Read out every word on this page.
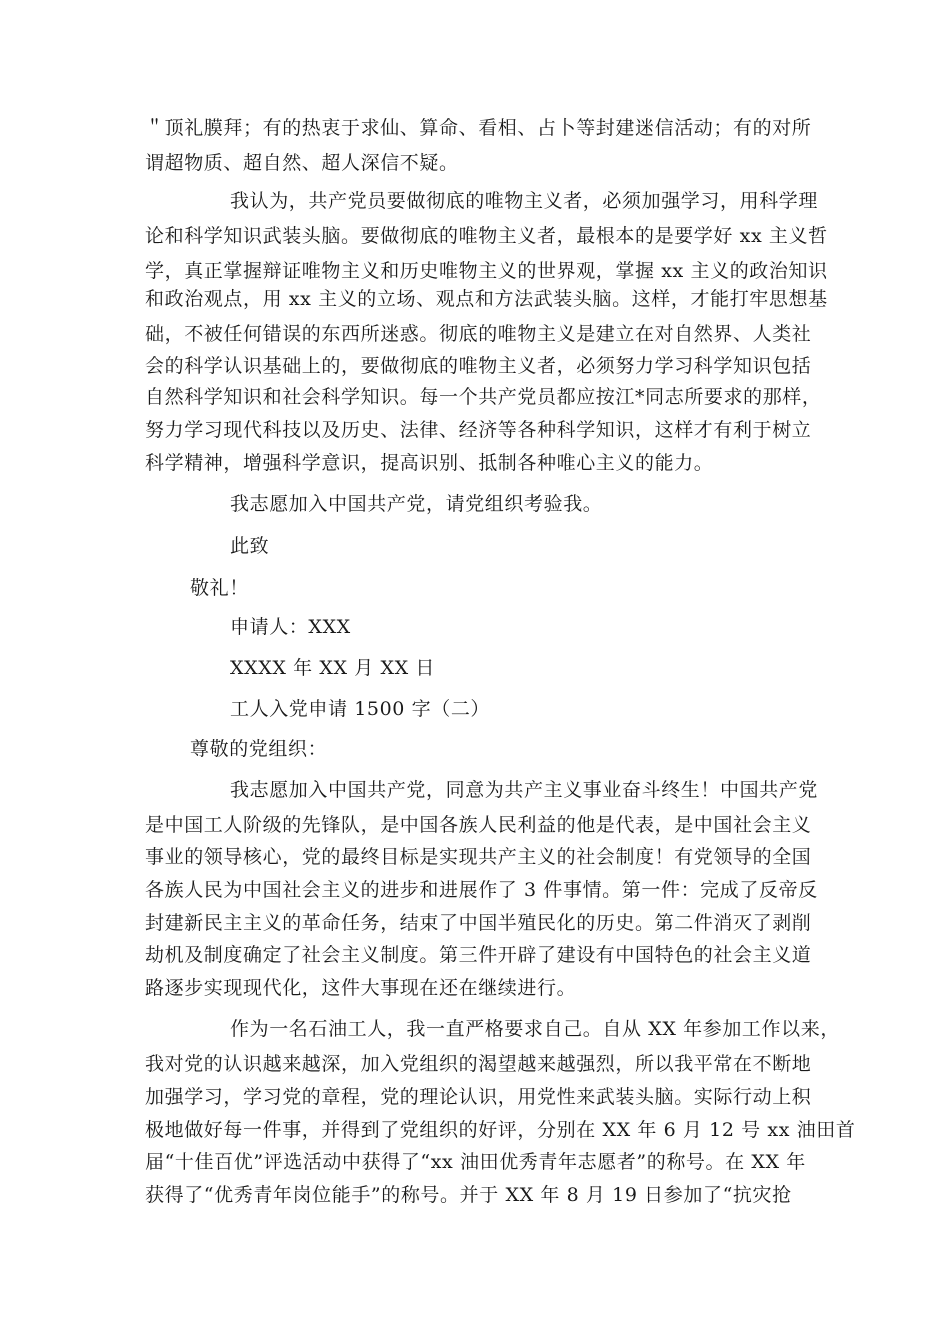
＂顶礼膜拜；有的热衷于求仙、算命、看相、占卜等封建迷信活动；有的对所
谓超物质、超自然、超人深信不疑。
我认为，共产党员要做彻底的唯物主义者，必须加强学习，用科学理
论和科学知识武装头脑。要做彻底的唯物主义者，最根本的是要学好 xx 主义哲
学，真正掌握辩证唯物主义和历史唯物主义的世界观，掌握 xx 主义的政治知识
和政治观点，用 xx 主义的立场、观点和方法武装头脑。这样，才能打牢思想基
础，不被任何错误的东西所迷惑。彻底的唯物主义是建立在对自然界、人类社
会的科学认识基础上的，要做彻底的唯物主义者，必须努力学习科学知识包括
自然科学知识和社会科学知识。每一个共产党员都应按江*同志所要求的那样，
努力学习现代科技以及历史、法律、经济等各种科学知识，这样才有利于树立
科学精神，增强科学意识，提高识别、抵制各种唯心主义的能力。
我志愿加入中国共产党，请党组织考验我。
此致
敬礼！
申请人：XXX
XXXX 年 XX 月 XX 日
工人入党申请 1500 字（二）
尊敬的党组织：
我志愿加入中国共产党，同意为共产主义事业奋斗终生！中国共产党
是中国工人阶级的先锋队，是中国各族人民利益的他是代表，是中国社会主义
事业的领导核心，党的最终目标是实现共产主义的社会制度！有党领导的全国
各族人民为中国社会主义的进步和进展作了 3 件事情。第一件：完成了反帝反
封建新民主主义的革命任务，结束了中国半殖民化的历史。第二件消灭了剥削
劫机及制度确定了社会主义制度。第三件开辟了建设有中国特色的社会主义道
路逐步实现现代化，这件大事现在还在继续进行。
作为一名石油工人，我一直严格要求自己。自从 XX 年参加工作以来，
我对党的认识越来越深，加入党组织的渴望越来越强烈，所以我平常在不断地
加强学习，学习党的章程，党的理论认识，用党性来武装头脑。实际行动上积
极地做好每一件事，并得到了党组织的好评，分别在 XX 年 6 月 12 号 xx 油田首
届“十佳百优”评选活动中获得了“xx 油田优秀青年志愿者”的称号。在 XX 年
获得了“优秀青年岗位能手”的称号。并于 XX 年 8 月 19 日参加了“抗灾抢
